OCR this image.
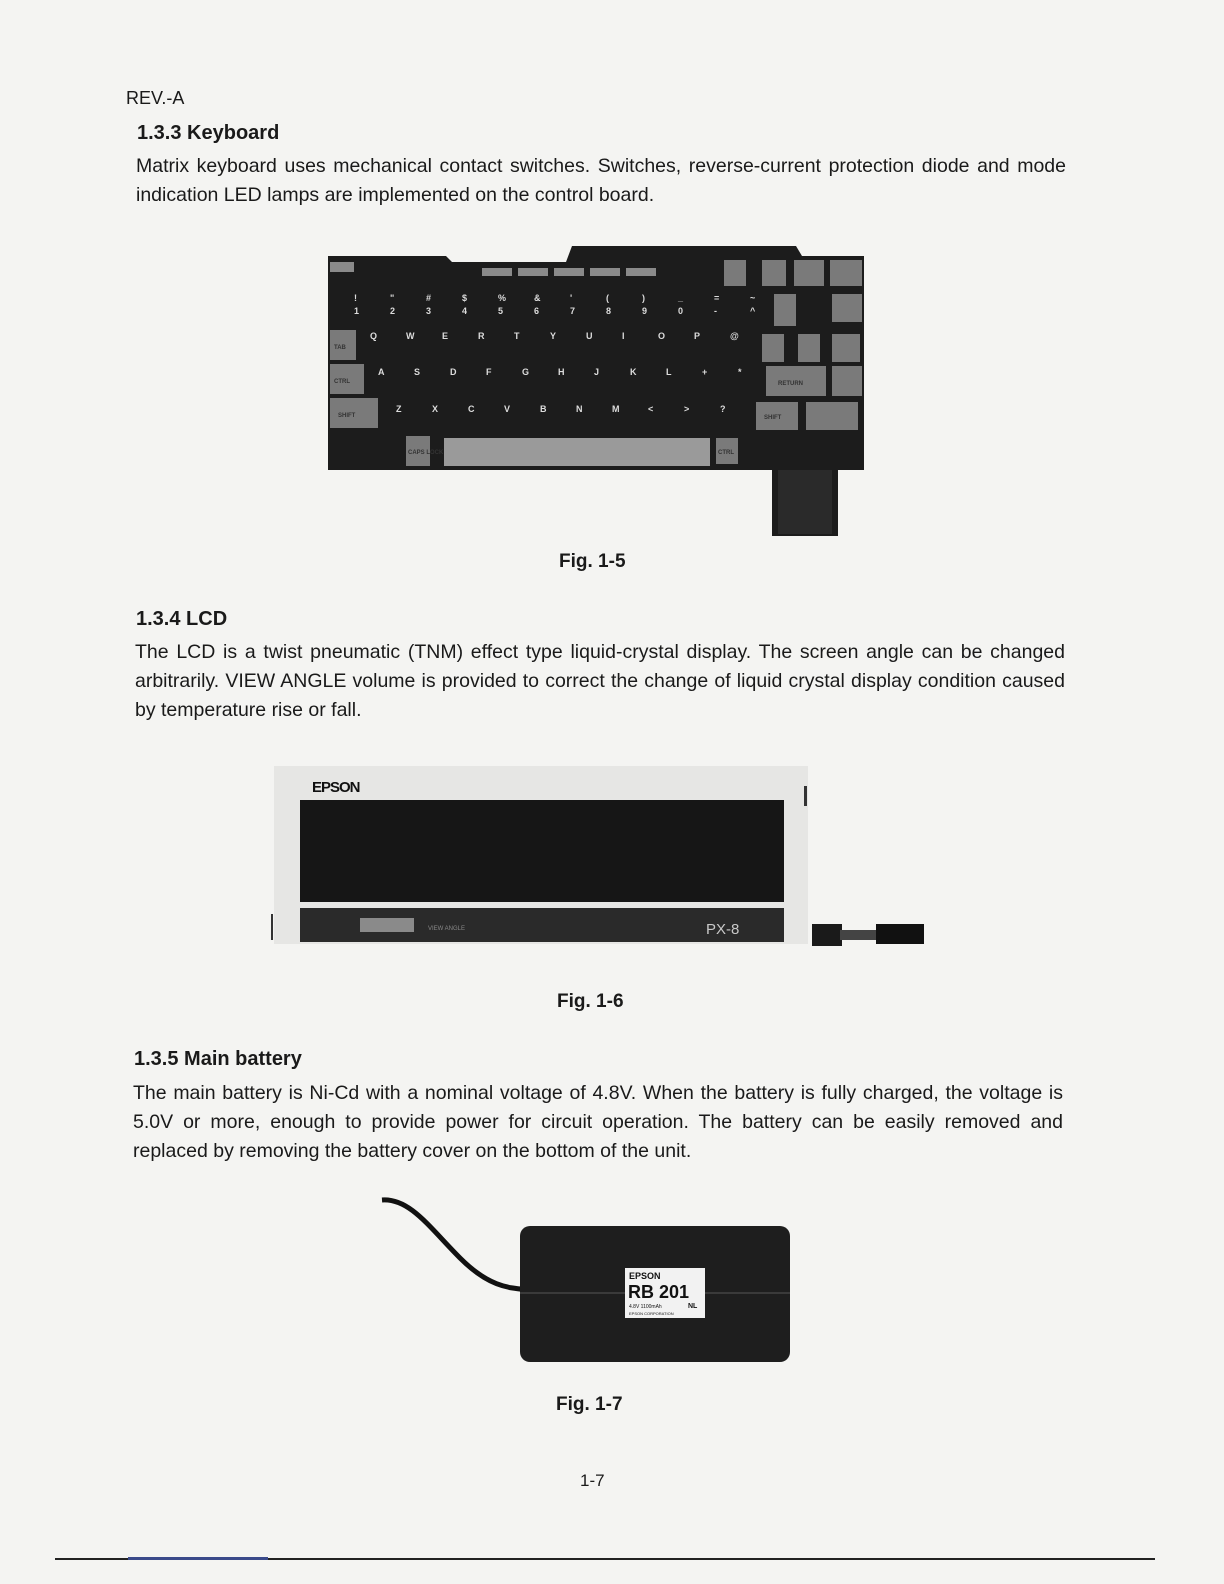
REV.-A
1.3.3 Keyboard
Matrix keyboard uses mechanical contact switches. Switches, reverse-current protection diode and mode indication LED lamps are implemented on the control board.
!	"	#	$	%	&	'	(	)	_	=	~
1	2	3	4	5	6	7	8	9	0	-	^
Q	W	E	R	T	Y	U	I	O	P	@
A	S	D	F	G	H	J	K	L	+	*
Z	X	C	V	B	N	M	<	>	?
TAB
CTRL
SHIFT
RETURN
CAPS LOCK	CTRL
SHIFT
Fig. 1-5
1.3.4 LCD
The LCD is a twist pneumatic (TNM) effect type liquid-crystal display. The screen angle can be changed arbitrarily. VIEW ANGLE volume is provided to correct the change of liquid crystal display condition caused by temperature rise or fall.
EPSON
VIEW ANGLE	PX-8
Fig. 1-6
1.3.5 Main battery
The main battery is Ni-Cd with a nominal voltage of 4.8V. When the battery is fully charged, the voltage is 5.0V or more, enough to provide power for circuit operation. The battery can be easily removed and replaced by removing the battery cover on the bottom of the unit.
EPSON
RB 201
4.8V 1100mAh	NL
EPSON CORPORATION
Fig. 1-7
1-7
